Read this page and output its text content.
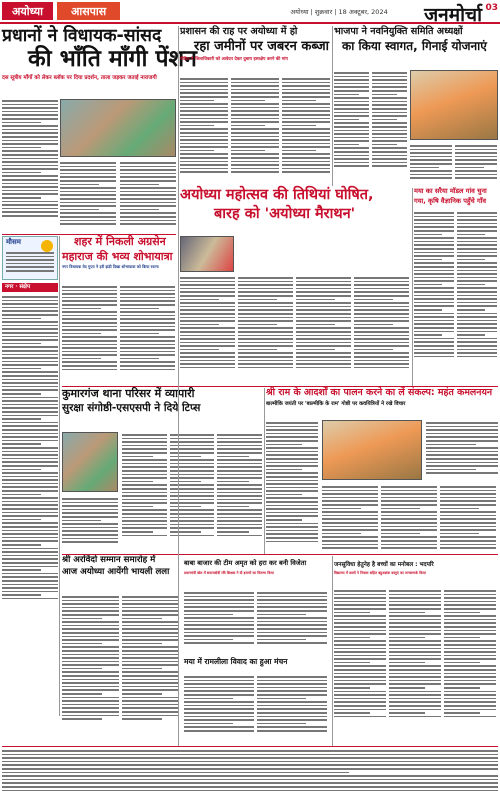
अयोध्या	आसपास	अयोध्या | शुक्रवार | 18 अक्टूबर, 2024 जनमोर्चा 03
प्रधानों ने विधायक-सांसद
की भाँति माँगी पेंशन
दस सूत्रीय माँगों को लेकर ब्लॉक पर दिया प्रदर्शन, ताला जड़कर जताई नाराजगी
प्रशासन की राह पर अयोध्या में हो
रहा जमीनों पर जबरन कब्जा
पीड़ित ने जिलाधिकारी को आवेदन देकर दुबारा हस्तक्षेप करने की मांग
भाजपा ने नवनियुक्ति समिति अध्यक्षों
का किया स्वागत, गिनाई योजनाएं
मौसम
नगर · संक्षेप
शहर में निकली अग्रसेन
महाराज की भव्य शोभायात्रा
नगर विधायक वेद गुप्ता ने हरी झंडी दिखा शोभायात्रा को किया रवाना
अयोध्या महोत्सव की तिथियां घोषित,
बारह को 'अयोध्या मैराथन'
मया का सरैया मॉडल गांव चुना
गया, कृषि वैज्ञानिक पहुँचे गाँव
कुमारगंज थाना परिसर में व्यापारी
सुरक्षा संगोष्ठी-एसएसपी ने दिये टिप्स
श्री राम के आदर्शों का पालन करने का लें संकल्प: महंत कमलनयन
बाल्मीकि जयंती पर 'बाल्मीकि के राम' गोष्ठी पर कवयित्रियों ने रखे विचार
श्री अरविंदो सम्मान समारोह में
आज अयोध्या आयेंगी भायली लला
बाबा बाजार की टीम अमृत को हरा कर बनी विजेता
प्रधानमंत्री खेल में समाजसेवी रवि शिक्षक ने दी इनामों का वितरण किया
मया में रामलीला विवाद का हुआ मंचन
जनसुविधा हेतुनेह है बच्चों का मनोबल : भदपरि
विद्यालय में छात्रों ने निवास सहित बहुउम्रांक वस्तुएं का जनसम्पर्क किया
